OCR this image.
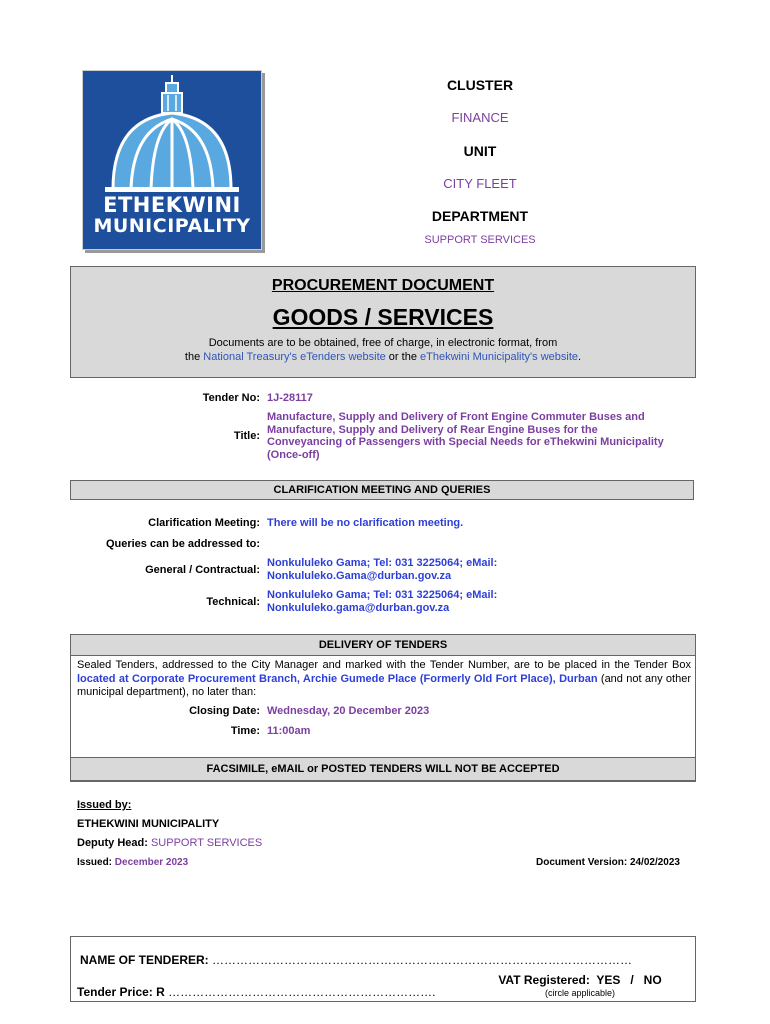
ETHEKWINI
MUNICIPALITY
CLUSTER
FINANCE
UNIT
CITY FLEET
DEPARTMENT
SUPPORT SERVICES
PROCUREMENT DOCUMENT
GOODS / SERVICES
Documents are to be obtained, free of charge, in electronic format, from
the National Treasury's eTenders website or the eThekwini Municipality's website.
Tender No: 1J-28117
Title:
Manufacture, Supply and Delivery of Front Engine Commuter Buses and
Manufacture, Supply and Delivery of Rear Engine Buses for the
Conveyancing of Passengers with Special Needs for eThekwini Municipality
(Once-off)
CLARIFICATION MEETING AND QUERIES
Clarification Meeting: There will be no clarification meeting.
Queries can be addressed to:
General / Contractual:
Nonkululeko Gama; Tel: 031 3225064; eMail:
Nonkululeko.Gama@durban.gov.za
Technical:
Nonkululeko Gama; Tel: 031 3225064; eMail:
Nonkululeko.gama@durban.gov.za
DELIVERY OF TENDERS
Sealed Tenders, addressed to the City Manager and marked with the Tender Number, are to be placed in the Tender Box located at Corporate Procurement Branch, Archie Gumede Place (Formerly Old Fort Place), Durban (and not any other municipal department), no later than:
Closing Date: Wednesday, 20 December 2023
Time: 11:00am
FACSIMILE, eMAIL or POSTED TENDERS WILL NOT BE ACCEPTED
Issued by:
ETHEKWINI MUNICIPALITY
Deputy Head: SUPPORT SERVICES
Issued: December 2023	Document Version: 24/02/2023
NAME OF TENDERER: ……………………………………………………………………………………………
Tender Price: R ………………………………………………………….
VAT Registered:  YES   /   NO
(circle applicable)
